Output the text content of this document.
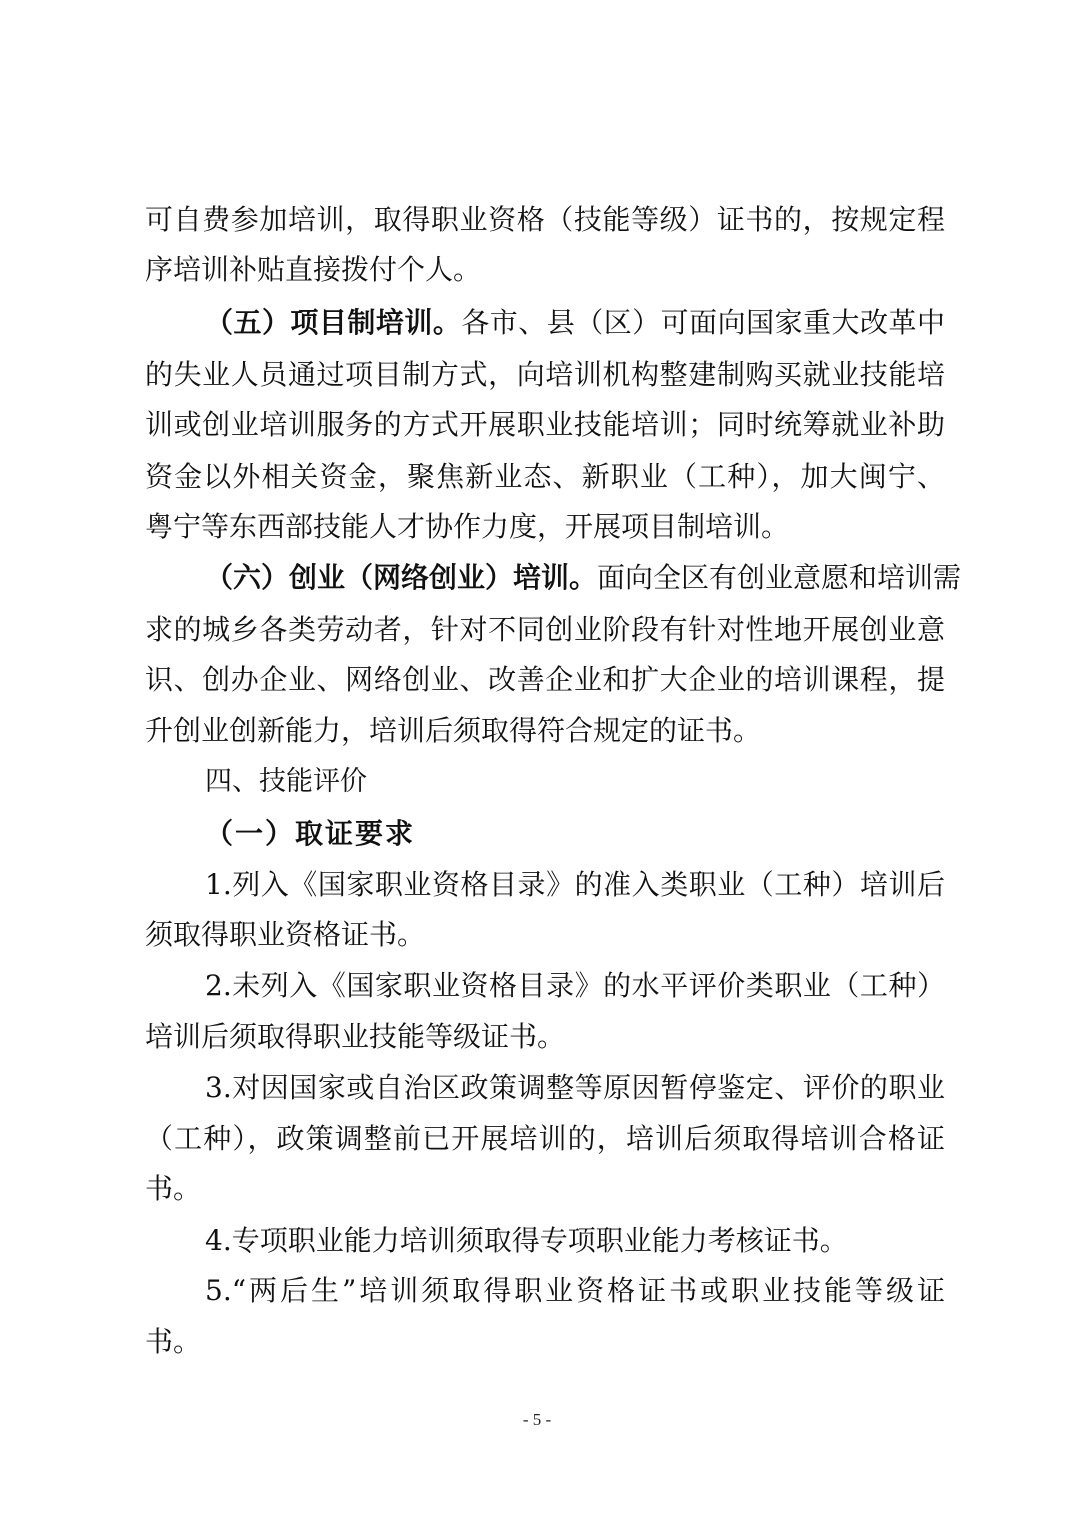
可自费参加培训，取得职业资格（技能等级）证书的，按规定程
序培训补贴直接拨付个人。
（五）项目制培训。各市、县（区）可面向国家重大改革中
的失业人员通过项目制方式，向培训机构整建制购买就业技能培
训或创业培训服务的方式开展职业技能培训；同时统筹就业补助
资金以外相关资金，聚焦新业态、新职业（工种），加大闽宁、
粤宁等东西部技能人才协作力度，开展项目制培训。
（六）创业（网络创业）培训。面向全区有创业意愿和培训需
求的城乡各类劳动者，针对不同创业阶段有针对性地开展创业意
识、创办企业、网络创业、改善企业和扩大企业的培训课程，提
升创业创新能力，培训后须取得符合规定的证书。
四、技能评价
（一）取证要求
1.列入《国家职业资格目录》的准入类职业（工种）培训后
须取得职业资格证书。
2.未列入《国家职业资格目录》的水平评价类职业（工种）
培训后须取得职业技能等级证书。
3.对因国家或自治区政策调整等原因暂停鉴定、评价的职业
（工种），政策调整前已开展培训的，培训后须取得培训合格证
书。
4.专项职业能力培训须取得专项职业能力考核证书。
5.“两后生”培训须取得职业资格证书或职业技能等级证
书。
- 5 -
